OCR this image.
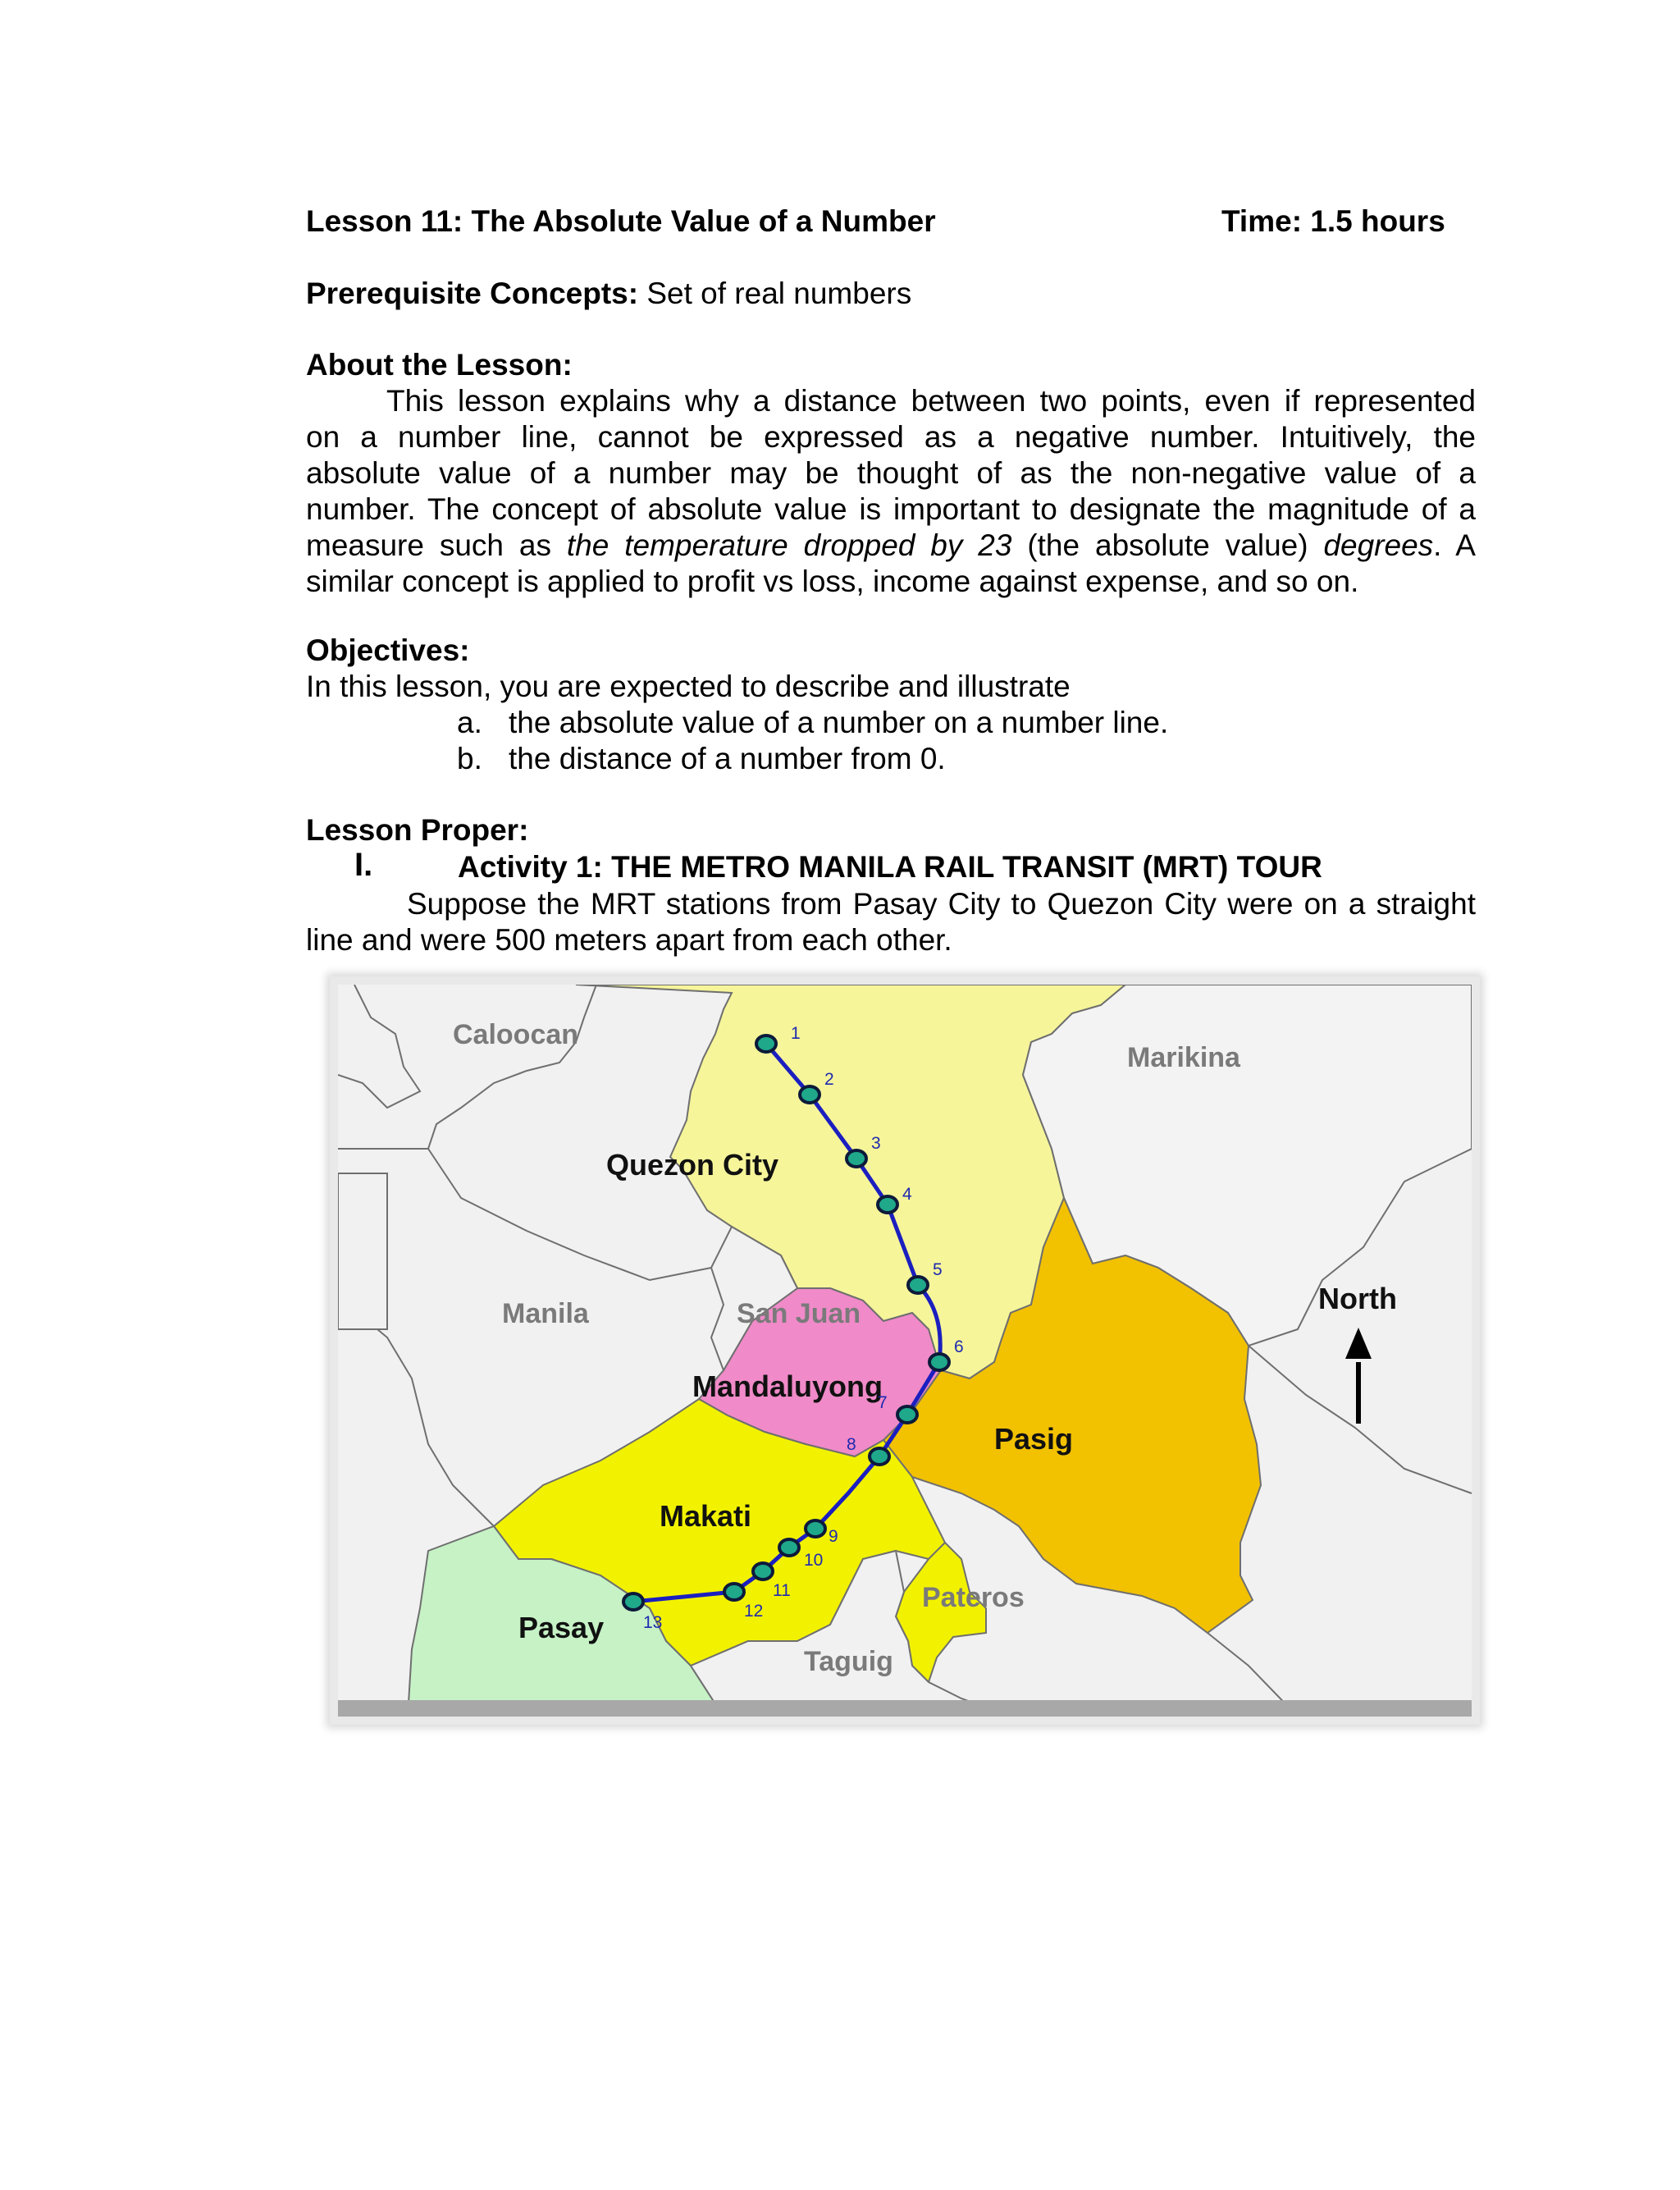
Lesson 11: The Absolute Value of a Number	Time: 1.5 hours
Prerequisite Concepts: Set of real numbers
About the Lesson:
This lesson explains why a distance between two points, even if represented
on a number line, cannot be expressed as a negative number. Intuitively, the
absolute value of a number may be thought of as the non-negative value of a
number. The concept of absolute value is important to designate the magnitude of a
measure such as the temperature dropped by 23 (the absolute value) degrees. A
similar concept is applied to profit vs loss, income against expense, and so on.
Objectives:
In this lesson, you are expected to describe and illustrate
a. the absolute value of a number on a number line.
b. the distance of a number from 0.
Lesson Proper:
I.	Activity 1: THE METRO MANILA RAIL TRANSIT (MRT) TOUR
Suppose the MRT stations from Pasay City to Quezon City were on a straight
line and were 500 meters apart from each other.
Caloocan
Marikina
Quezon City
Manila	San Juan
Mandaluyong
Pasig
Makati
Pateros
Pasay
Taguig
North
1
2
3
4
5
6
7
8
9
10
11
12
13
